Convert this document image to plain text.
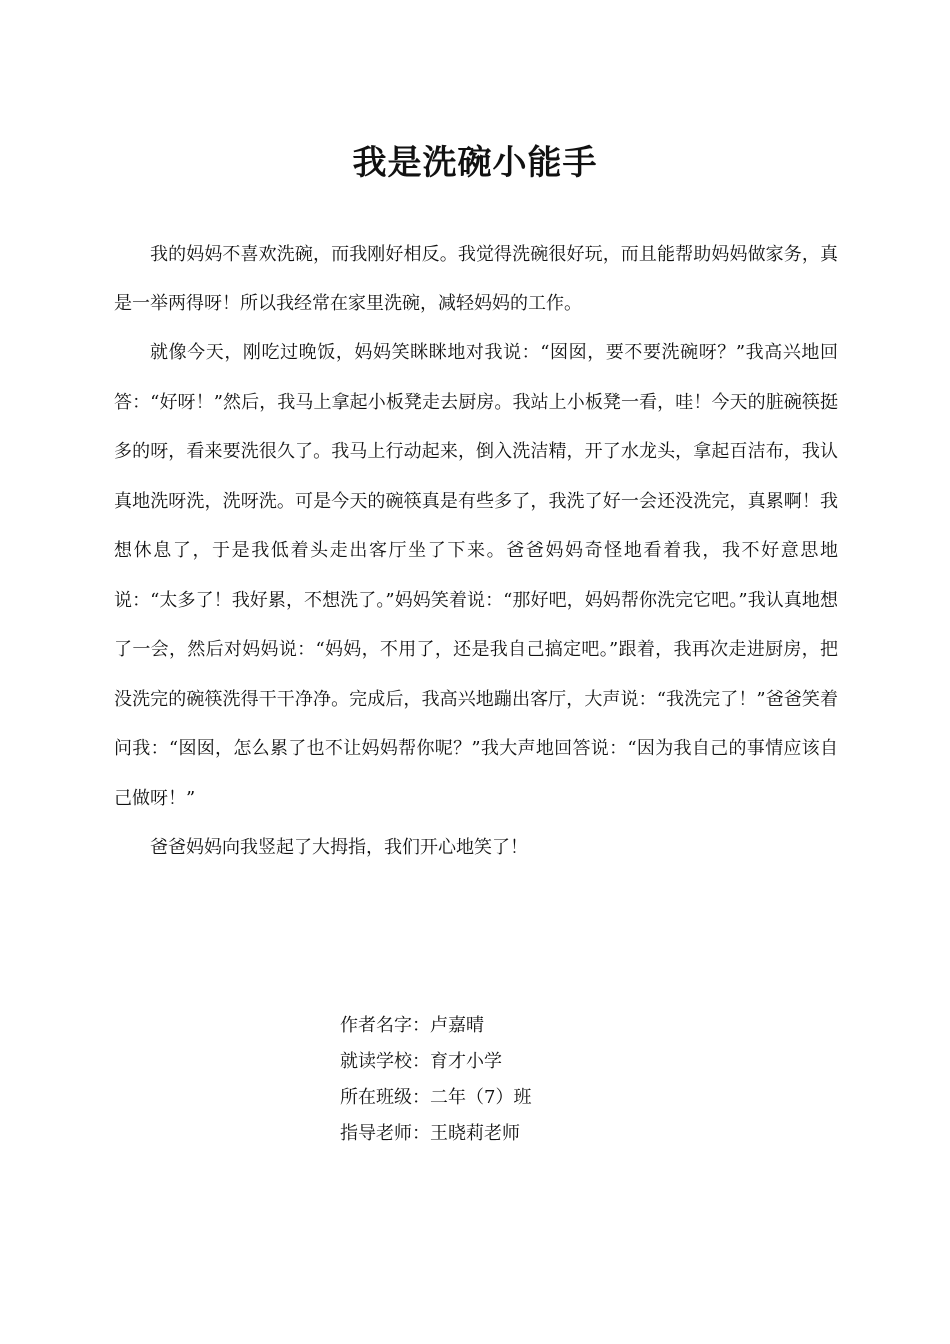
我是洗碗小能手

我的妈妈不喜欢洗碗，而我刚好相反。我觉得洗碗很好玩，而且能帮助妈妈做家务，真是一举两得呀！所以我经常在家里洗碗，减轻妈妈的工作。

就像今天，刚吃过晚饭，妈妈笑眯眯地对我说：“囡囡，要不要洗碗呀？”我高兴地回答：“好呀！”然后，我马上拿起小板凳走去厨房。我站上小板凳一看，哇！今天的脏碗筷挺多的呀，看来要洗很久了。我马上行动起来，倒入洗洁精，开了水龙头，拿起百洁布，我认真地洗呀洗，洗呀洗。可是今天的碗筷真是有些多了，我洗了好一会还没洗完，真累啊！我想休息了，于是我低着头走出客厅坐了下来。爸爸妈妈奇怪地看着我，我不好意思地说：“太多了！我好累，不想洗了。”妈妈笑着说：“那好吧，妈妈帮你洗完它吧。”我认真地想了一会，然后对妈妈说：“妈妈，不用了，还是我自己搞定吧。”跟着，我再次走进厨房，把没洗完的碗筷洗得干干净净。完成后，我高兴地蹦出客厅，大声说：“我洗完了！”爸爸笑着问我：“囡囡，怎么累了也不让妈妈帮你呢？”我大声地回答说：“因为我自己的事情应该自己做呀！”

爸爸妈妈向我竖起了大拇指，我们开心地笑了！

作者名字：卢嘉晴
就读学校：育才小学
所在班级：二年（7）班
指导老师：王晓莉老师
